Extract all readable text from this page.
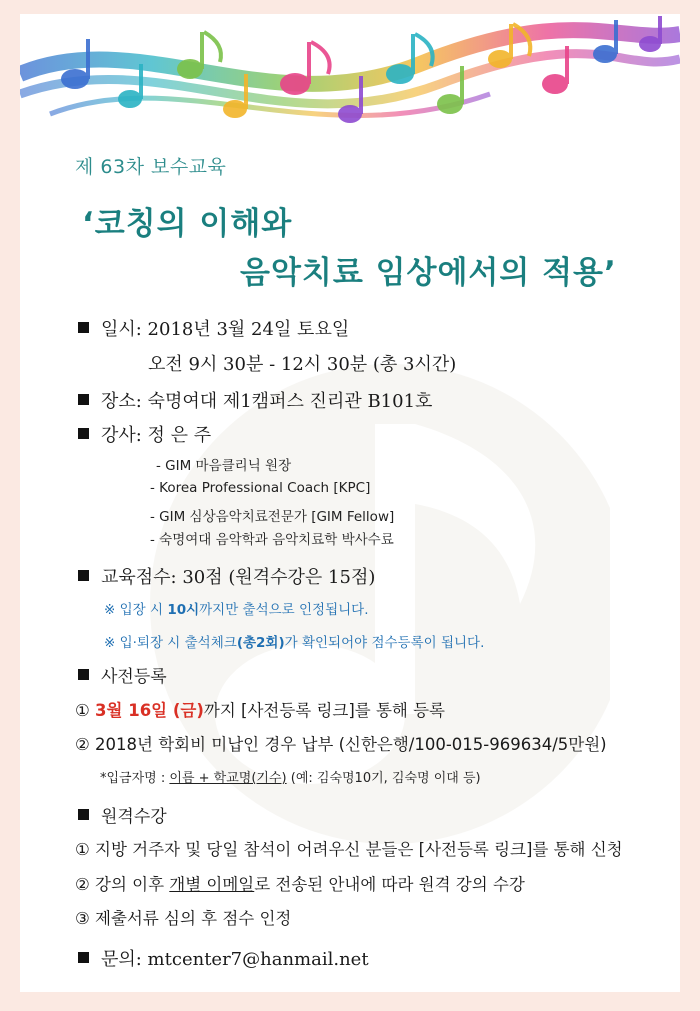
제 63차 보수교육
‘코칭의 이해와
음악치료 임상에서의 적용’
일시: 2018년 3월 24일 토요일
오전 9시 30분 - 12시 30분 (총 3시간)
장소: 숙명여대 제1캠퍼스 진리관 B101호
강사: 정 은 주
- GIM 마음클리닉 원장
- Korea Professional Coach [KPC]
- GIM 심상음악치료전문가 [GIM Fellow]
- 숙명여대 음악학과 음악치료학 박사수료
교육점수: 30점 (원격수강은 15점)
※ 입장 시 10시까지만 출석으로 인정됩니다.
※ 입·퇴장 시 출석체크(총2회)가 확인되어야 점수등록이 됩니다.
사전등록
① 3월 16일 (금)까지 [사전등록 링크]를 통해 등록
② 2018년 학회비 미납인 경우 납부 (신한은행/100-015-969634/5만원)
*입금자명 : 이름 + 학교명(기수) (예: 김숙명10기, 김숙명 이대 등)
원격수강
① 지방 거주자 및 당일 참석이 어려우신 분들은 [사전등록 링크]를 통해 신청
② 강의 이후 개별 이메일로 전송된 안내에 따라 원격 강의 수강
③ 제출서류 심의 후 점수 인정
문의: mtcenter7@hanmail.net
